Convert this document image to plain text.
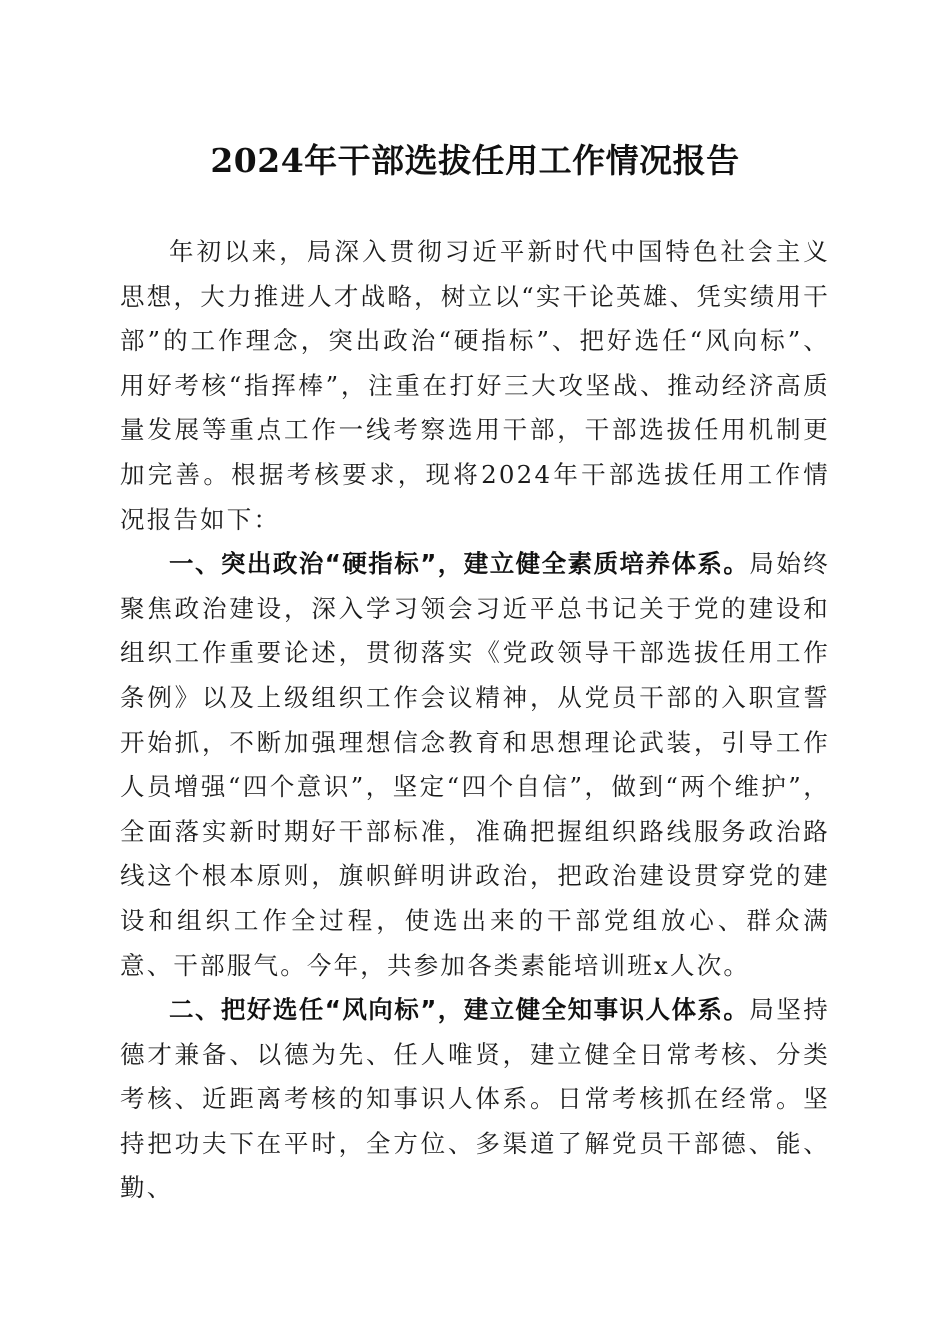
2024年干部选拔任用工作情况报告

年初以来，局深入贯彻习近平新时代中国特色社会主义思想，大力推进人才战略，树立以“实干论英雄、凭实绩用干部”的工作理念，突出政治“硬指标”、把好选任“风向标”、用好考核“指挥棒”，注重在打好三大攻坚战、推动经济高质量发展等重点工作一线考察选用干部，干部选拔任用机制更加完善。根据考核要求，现将2024年干部选拔任用工作情况报告如下：

一、突出政治“硬指标”，建立健全素质培养体系。局始终聚焦政治建设，深入学习领会习近平总书记关于党的建设和组织工作重要论述，贯彻落实《党政领导干部选拔任用工作条例》以及上级组织工作会议精神，从党员干部的入职宣誓开始抓，不断加强理想信念教育和思想理论武装，引导工作人员增强“四个意识”，坚定“四个自信”，做到“两个维护”，全面落实新时期好干部标准，准确把握组织路线服务政治路线这个根本原则，旗帜鲜明讲政治，把政治建设贯穿党的建设和组织工作全过程，使选出来的干部党组放心、群众满意、干部服气。今年，共参加各类素能培训班x人次。

二、把好选任“风向标”，建立健全知事识人体系。局坚持德才兼备、以德为先、任人唯贤，建立健全日常考核、分类考核、近距离考核的知事识人体系。日常考核抓在经常。坚持把功夫下在平时，全方位、多渠道了解党员干部德、能、勤、
